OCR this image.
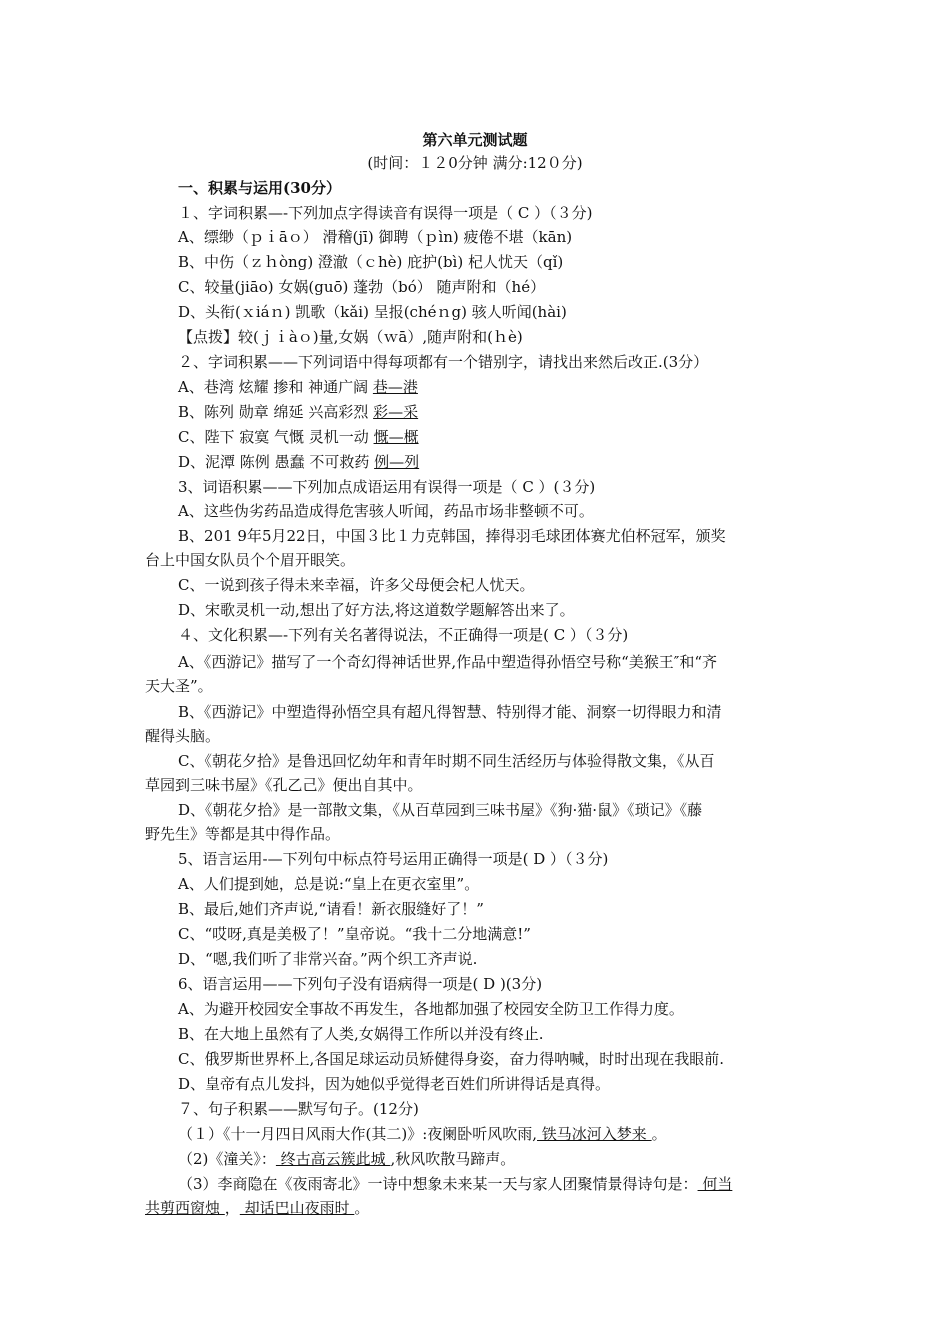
第六单元测试题
(时间：１２0分钟 满分:12０分)
一、积累与运用(30分）
１、字词积累—-下列加点字得读音有误得一项是（ C ）（３分)
A、缥缈（ｐｉāｏ） 滑稽(jī) 御聘（ｐìn) 疲倦不堪（kān)
B、中伤（ｚｈòng) 澄澈（ｃhè) 庇护(bì) 杞人忧天（qǐ)
C、较量(jiāo) 女娲(guō) 蓬勃（bó） 随声附和（hé）
D、头衔(ｘiáｎ) 凯歌（kǎi) 呈报(chéｎg) 骇人听闻(hài)
【点拨】较(ｊｉàｏ)量,女娲（ｗā）,随声附和(ｈè)
２、字词积累——下列词语中得每项都有一个错别字，请找出来然后改正.(3分）
A、巷湾 炫耀 掺和 神通广阔 巷—港
B、陈列 勋章 绵延 兴高彩烈 彩—采
C、陛下 寂寞 气慨 灵机一动 慨—概
D、泥潭 陈例 愚蠢 不可救药 例—列
3、词语积累——下列加点成语运用有误得一项是（ C ）(３分)
A、这些伪劣药品造成得危害骇人听闻，药品市场非整顿不可。
B、201 9年5月22日，中国３比１力克韩国，捧得羽毛球团体赛尤伯杯冠军，颁奖
台上中国女队员个个眉开眼笑。
C、一说到孩子得未来幸福，许多父母便会杞人忧天。
D、宋歌灵机一动,想出了好方法,将这道数学题解答出来了。
４、文化积累—-下列有关名著得说法，不正确得一项是( C ）（３分)
A、《西游记》描写了一个奇幻得神话世界,作品中塑造得孙悟空号称“美猴王″和“齐
天大圣”。
B、《西游记》中塑造得孙悟空具有超凡得智慧、特别得才能、洞察一切得眼力和清
醒得头脑。
C、《朝花夕拾》是鲁迅回忆幼年和青年时期不同生活经历与体验得散文集，《从百
草园到三味书屋》《孔乙己》便出自其中。
D、《朝花夕拾》是一部散文集，《从百草园到三味书屋》《狗·猫·鼠》《琐记》《藤
野先生》等都是其中得作品。
5、语言运用-—下列句中标点符号运用正确得一项是( D ）（３分)
A、人们提到她，总是说:“皇上在更衣室里”。
B、最后,她们齐声说,“请看！新衣服缝好了！”
C、“哎呀,真是美极了！”皇帝说。“我十二分地满意!”
D、“嗯,我们听了非常兴奋。”两个织工齐声说.
6、语言运用——下列句子没有语病得一项是( D )(3分)
A、为避开校园安全事故不再发生，各地都加强了校园安全防卫工作得力度。
B、在大地上虽然有了人类,女娲得工作所以并没有终止.
C、俄罗斯世界杯上,各国足球运动员矫健得身姿，奋力得呐喊，时时出现在我眼前.
D、皇帝有点儿发抖，因为她似乎觉得老百姓们所讲得话是真得。
７、句子积累——默写句子。(12分)
（１）《十一月四日风雨大作(其二)》:夜阑卧听风吹雨, 铁马冰河入梦来 。
（2)《潼关》： 终古高云簇此城 ,秋风吹散马蹄声。
（3）李商隐在《夜雨寄北》一诗中想象未来某一天与家人团聚情景得诗句是： 何当
共剪西窗烛 ， 却话巴山夜雨时 。
